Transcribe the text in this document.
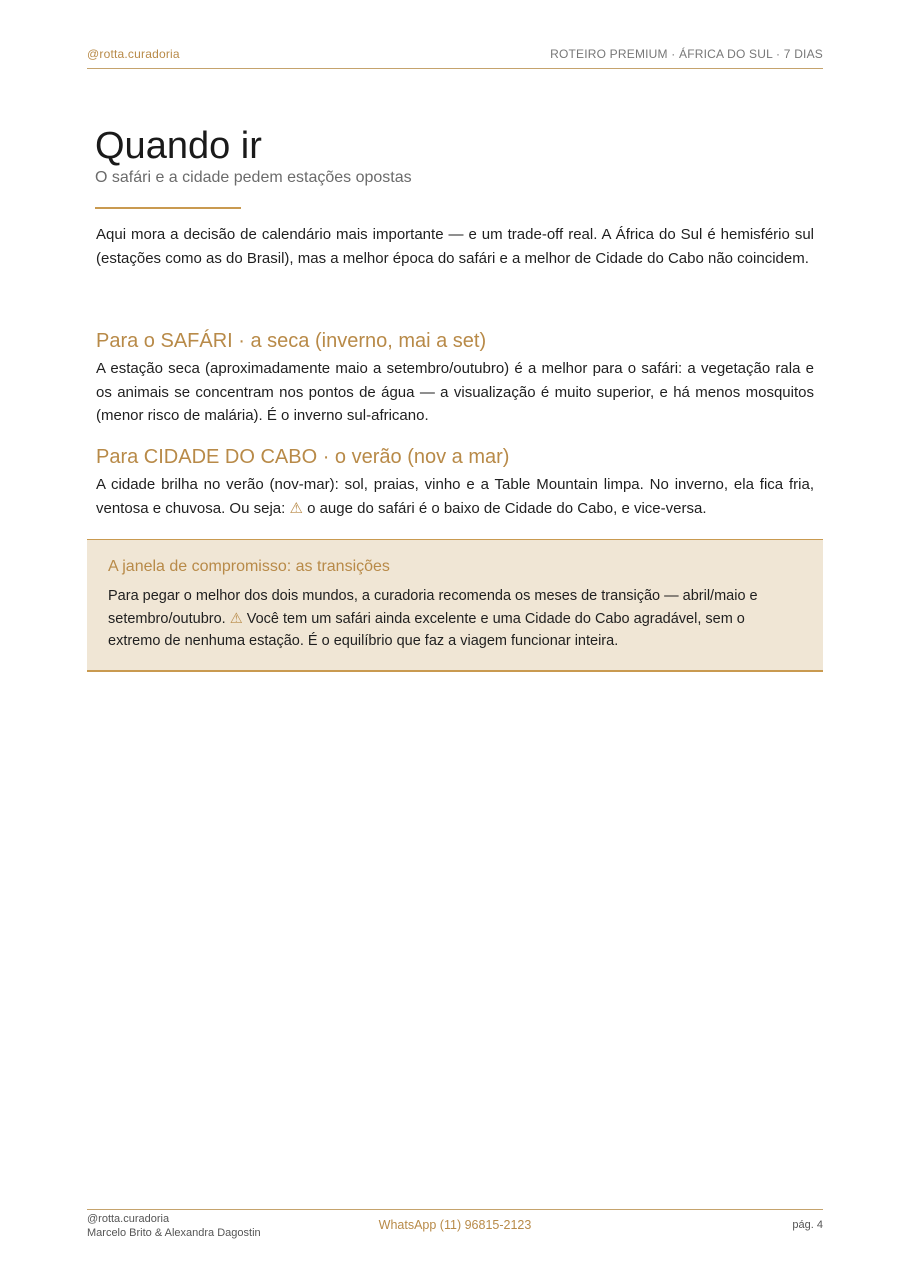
@rotta.curadoria	ROTEIRO PREMIUM · ÁFRICA DO SUL · 7 DIAS
Quando ir
O safári e a cidade pedem estações opostas

Aqui mora a decisão de calendário mais importante — e um trade-off real. A África do Sul é hemisfério sul (estações como as do Brasil), mas a melhor época do safári e a melhor de Cidade do Cabo não coincidem.

Para o SAFÁRI · a seca (inverno, mai a set)

A estação seca (aproximadamente maio a setembro/outubro) é a melhor para o safári: a vegetação rala e os animais se concentram nos pontos de água — a visualização é muito superior, e há menos mosquitos (menor risco de malária). É o inverno sul-africano.

Para CIDADE DO CABO · o verão (nov a mar)

A cidade brilha no verão (nov-mar): sol, praias, vinho e a Table Mountain limpa. No inverno, ela fica fria, ventosa e chuvosa. Ou seja: ⚠ o auge do safári é o baixo de Cidade do Cabo, e vice-versa.

A janela de compromisso: as transições

Para pegar o melhor dos dois mundos, a curadoria recomenda os meses de transição — abril/maio e setembro/outubro. ⚠ Você tem um safári ainda excelente e uma Cidade do Cabo agradável, sem o extremo de nenhuma estação. É o equilíbrio que faz a viagem funcionar inteira.

@rotta.curadoria
Marcelo Brito & Alexandra Dagostin
WhatsApp (11) 96815-2123	pág. 4
